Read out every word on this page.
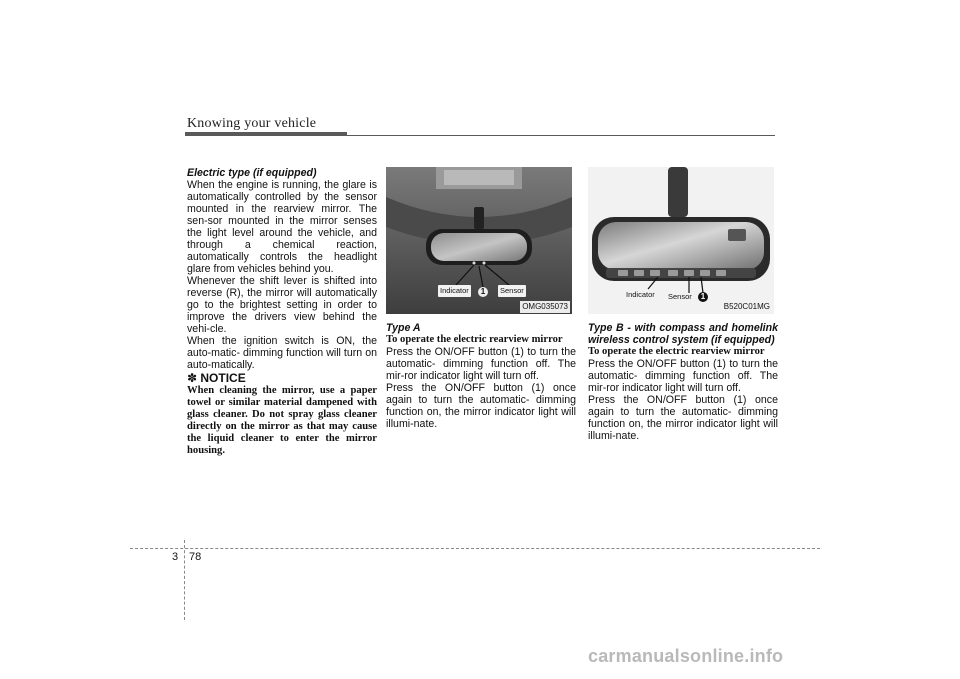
Knowing your vehicle

Electric type (if equipped)

When the engine is running, the glare is automatically controlled by the sensor mounted in the rearview mirror. The sen-sor mounted in the mirror senses the light level around the vehicle, and through a chemical reaction, automatically controls the headlight glare from vehicles behind you.

Whenever the shift lever is shifted into reverse (R), the mirror will automatically go to the brightest setting in order to improve the drivers view behind the vehi-cle.

When the ignition switch is ON, the auto-matic- dimming function will turn on auto-matically.

✽ NOTICE

When cleaning the mirror, use a paper towel or similar material dampened with glass cleaner. Do not spray glass cleaner directly on the mirror as that may cause the liquid cleaner to enter the mirror housing.

Indicator	1	Sensor
OMG035073

Type A

To operate the electric rearview mirror

Press the ON/OFF button (1) to turn the automatic- dimming function off. The mir-ror indicator light will turn off.

Press the ON/OFF button (1) once again to turn the automatic- dimming function on, the mirror indicator light will illumi-nate.

Indicator Sensor	1
B520C01MG

Type B - with compass and homelink wireless control system (if equipped)

To operate the electric rearview mirror

Press the ON/OFF button (1) to turn the automatic- dimming function off. The mir-ror indicator light will turn off.

Press the ON/OFF button (1) once again to turn the automatic- dimming function on, the mirror indicator light will illumi-nate.

3 78
carmanualsonline.info
